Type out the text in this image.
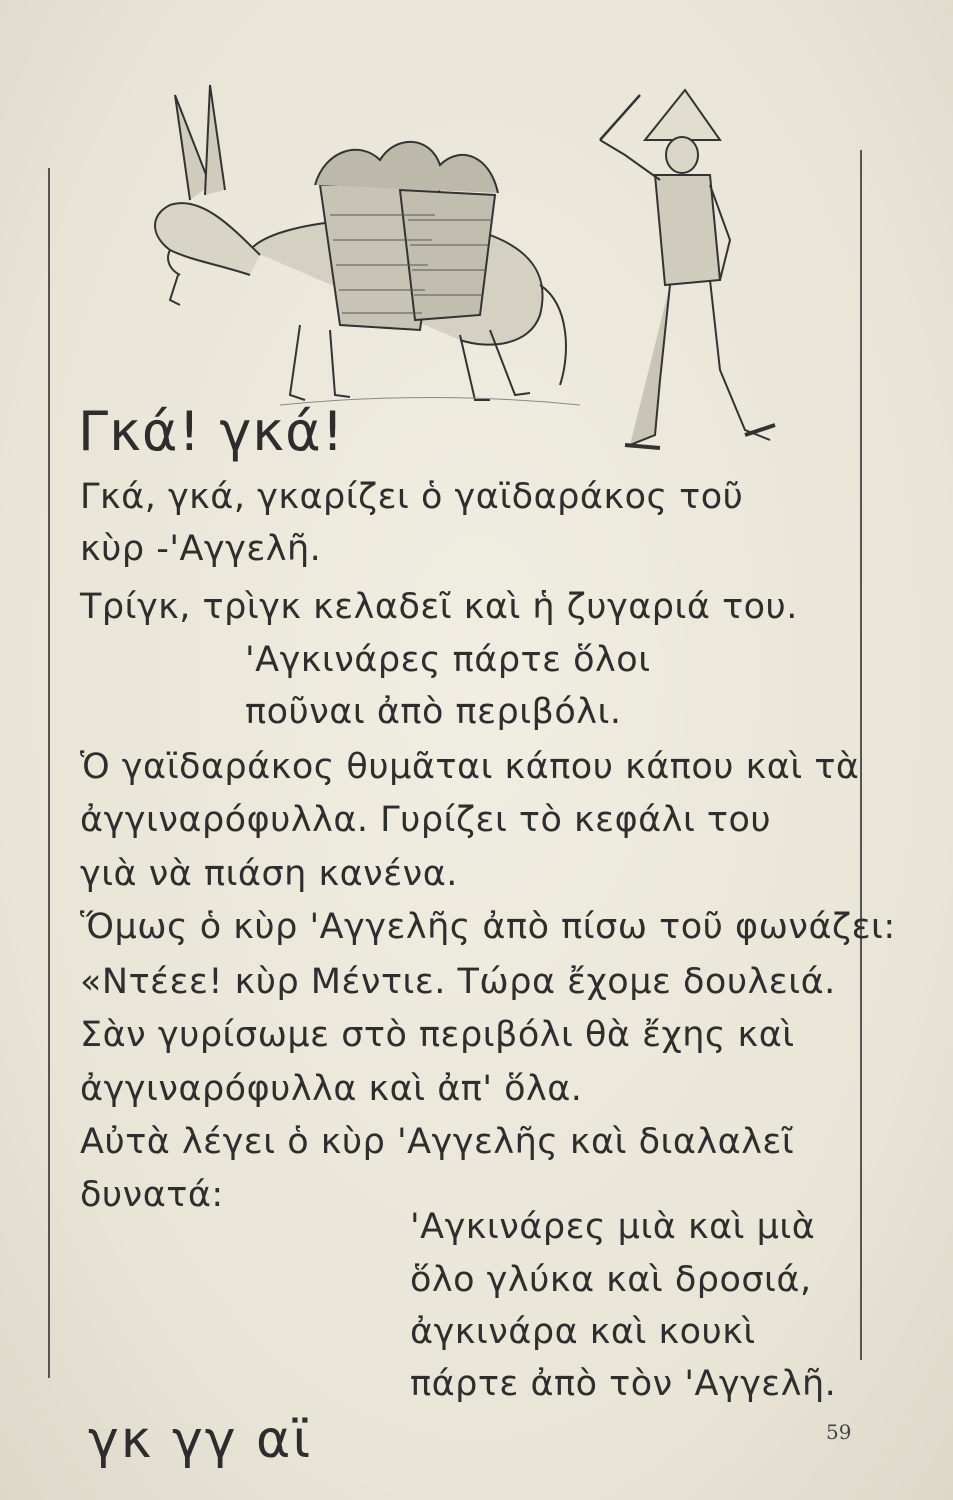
Γκά! γκά!
Γκά, γκά, γκαρίζει ὁ γαϊδαράκος τοῦ
κὺρ -'Αγγελῆ.
Τρίγκ, τρὶγκ κελαδεῖ καὶ ἡ ζυγαριά του.
'Αγκινάρες πάρτε ὅλοι
ποῦναι ἀπὸ περιβόλι.
Ὁ γαϊδαράκος θυμᾶται κάπου κάπου καὶ τὰ
ἀγγιναρόφυλλα. Γυρίζει τὸ κεφάλι του
γιὰ νὰ πιάση κανένα.
Ὅμως ὁ κὺρ 'Αγγελῆς ἀπὸ πίσω τοῦ φωνάζει:
«Ντέεε! κὺρ Μέντιε. Τώρα ἔχομε δουλειά.
Σὰν γυρίσωμε στὸ περιβόλι θὰ ἔχης καὶ
ἀγγιναρόφυλλα καὶ ἀπ' ὅλα.
Αὐτὰ λέγει ὁ κὺρ 'Αγγελῆς καὶ διαλαλεῖ
δυνατά:
'Αγκινάρες μιὰ καὶ μιὰ
ὅλο γλύκα καὶ δροσιά,
ἀγκινάρα καὶ κουκὶ
πάρτε ἀπὸ τὸν 'Αγγελῆ.
γκ γγ αϊ	59
